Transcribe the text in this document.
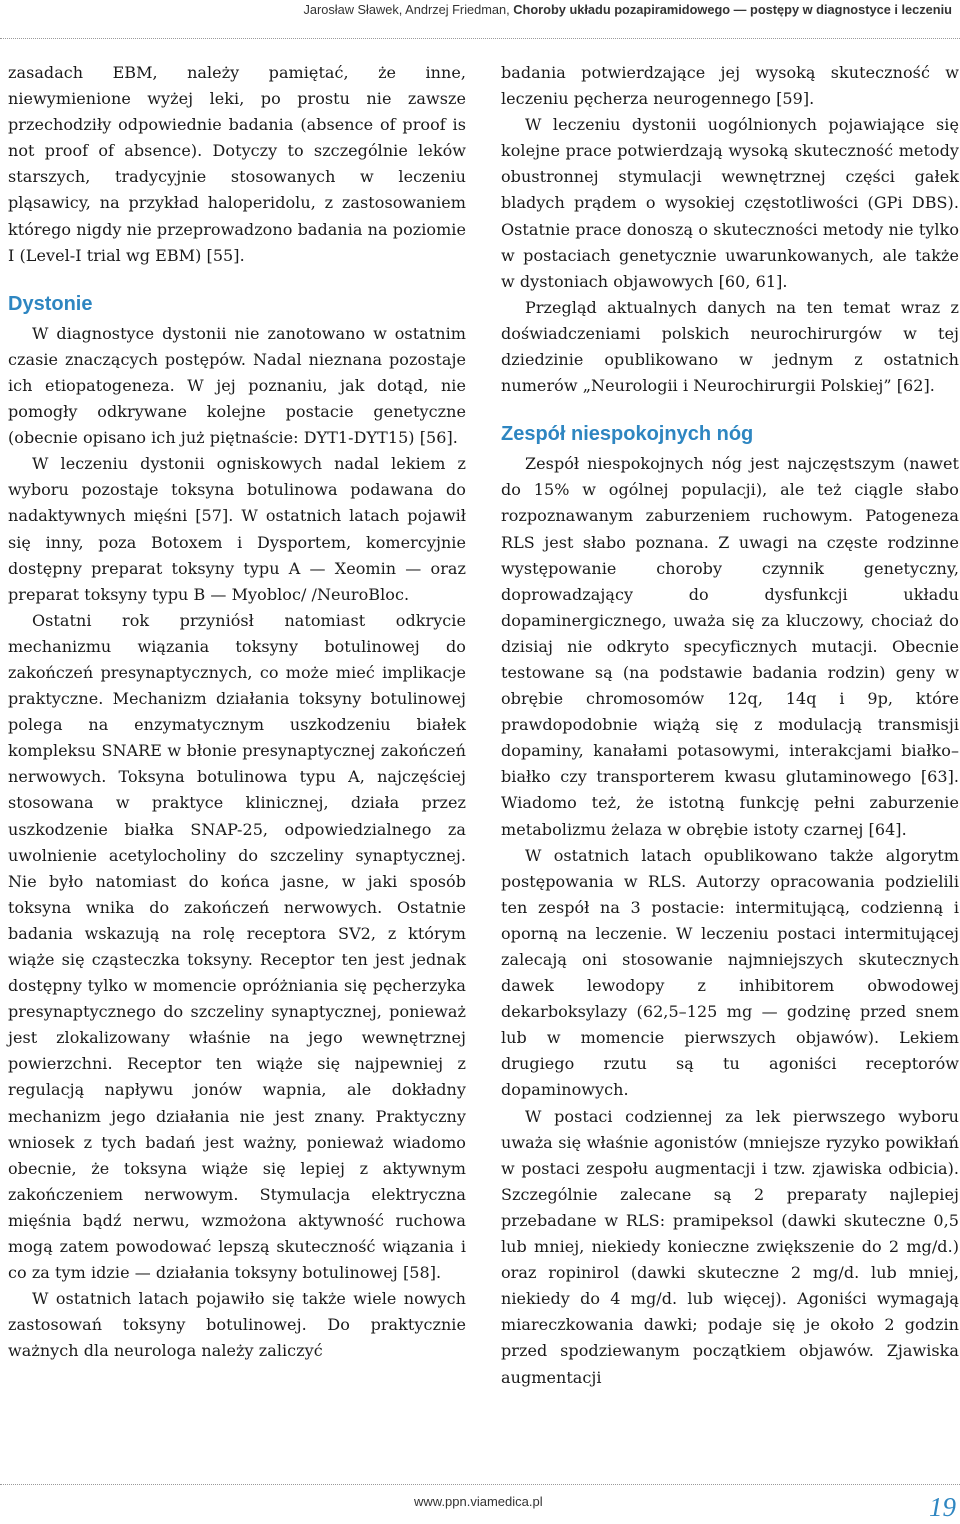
Jarosław Sławek, Andrzej Friedman, Choroby układu pozapiramidowego — postępy w diagnostyce i leczeniu

zasadach EBM, należy pamiętać, że inne, niewymienione wyżej leki, po prostu nie zawsze przechodziły odpowiednie badania (absence of proof is not proof of absence). Dotyczy to szczególnie leków starszych, tradycyjnie stosowanych w leczeniu pląsawicy, na przykład haloperidolu, z zastosowaniem którego nigdy nie przeprowadzono badania na poziomie I (Level-I trial wg EBM) [55].

Dystonie

W diagnostyce dystonii nie zanotowano w ostatnim czasie znaczących postępów. Nadal nieznana pozostaje ich etiopatogeneza. W jej poznaniu, jak dotąd, nie pomogły odkrywane kolejne postacie genetyczne (obecnie opisano ich już piętnaście: DYT1-DYT15) [56].

W leczeniu dystonii ogniskowych nadal lekiem z wyboru pozostaje toksyna botulinowa podawana do nadaktywnych mięśni [57]. W ostatnich latach pojawił się inny, poza Botoxem i Dysportem, komercyjnie dostępny preparat toksyny typu A — Xeomin — oraz preparat toksyny typu B — Myobloc/ /NeuroBloc.

Ostatni rok przyniósł natomiast odkrycie mechanizmu wiązania toksyny botulinowej do zakończeń presynaptycznych, co może mieć implikacje praktyczne. Mechanizm działania toksyny botulinowej polega na enzymatycznym uszkodzeniu białek kompleksu SNARE w błonie presynaptycznej zakończeń nerwowych. Toksyna botulinowa typu A, najczęściej stosowana w praktyce klinicznej, działa przez uszkodzenie białka SNAP-25, odpowiedzialnego za uwolnienie acetylocholiny do szczeliny synaptycznej. Nie było natomiast do końca jasne, w jaki sposób toksyna wnika do zakończeń nerwowych. Ostatnie badania wskazują na rolę receptora SV2, z którym wiąże się cząsteczka toksyny. Receptor ten jest jednak dostępny tylko w momencie opróżniania się pęcherzyka presynaptycznego do szczeliny synaptycznej, ponieważ jest zlokalizowany właśnie na jego wewnętrznej powierzchni. Receptor ten wiąże się najpewniej z regulacją napływu jonów wapnia, ale dokładny mechanizm jego działania nie jest znany. Praktyczny wniosek z tych badań jest ważny, ponieważ wiadomo obecnie, że toksyna wiąże się lepiej z aktywnym zakończeniem nerwowym. Stymulacja elektryczna mięśnia bądź nerwu, wzmożona aktywność ruchowa mogą zatem powodować lepszą skuteczność wiązania i co za tym idzie — działania toksyny botulinowej [58].

W ostatnich latach pojawiło się także wiele nowych zastosowań toksyny botulinowej. Do praktycznie ważnych dla neurologa należy zaliczyć

badania potwierdzające jej wysoką skuteczność w leczeniu pęcherza neurogennego [59].

W leczeniu dystonii uogólnionych pojawiające się kolejne prace potwierdzają wysoką skuteczność metody obustronnej stymulacji wewnętrznej części gałek bladych prądem o wysokiej częstotliwości (GPi DBS). Ostatnie prace donoszą o skuteczności metody nie tylko w postaciach genetycznie uwarunkowanych, ale także w dystoniach objawowych [60, 61].

Przegląd aktualnych danych na ten temat wraz z doświadczeniami polskich neurochirurgów w tej dziedzinie opublikowano w jednym z ostatnich numerów „Neurologii i Neurochirurgii Polskiej” [62].

Zespół niespokojnych nóg

Zespół niespokojnych nóg jest najczęstszym (nawet do 15% w ogólnej populacji), ale też ciągle słabo rozpoznawanym zaburzeniem ruchowym. Patogeneza RLS jest słabo poznana. Z uwagi na częste rodzinne występowanie choroby czynnik genetyczny, doprowadzający do dysfunkcji układu dopaminergicznego, uważa się za kluczowy, chociaż do dzisiaj nie odkryto specyficznych mutacji. Obecnie testowane są (na podstawie badania rodzin) geny w obrębie chromosomów 12q, 14q i 9p, które prawdopodobnie wiążą się z modulacją transmisji dopaminy, kanałami potasowymi, interakcjami białko–białko czy transporterem kwasu glutaminowego [63]. Wiadomo też, że istotną funkcję pełni zaburzenie metabolizmu żelaza w obrębie istoty czarnej [64].

W ostatnich latach opublikowano także algorytm postępowania w RLS. Autorzy opracowania podzielili ten zespół na 3 postacie: intermitującą, codzienną i oporną na leczenie. W leczeniu postaci intermitującej zalecają oni stosowanie najmniejszych skutecznych dawek lewodopy z inhibitorem obwodowej dekarboksylazy (62,5–125 mg — godzinę przed snem lub w momencie pierwszych objawów). Lekiem drugiego rzutu są tu agoniści receptorów dopaminowych.

W postaci codziennej za lek pierwszego wyboru uważa się właśnie agonistów (mniejsze ryzyko powikłań w postaci zespołu augmentacji i tzw. zjawiska odbicia). Szczególnie zalecane są 2 preparaty najlepiej przebadane w RLS: pramipeksol (dawki skuteczne 0,5 lub mniej, niekiedy konieczne zwiększenie do 2 mg/d.) oraz ropinirol (dawki skuteczne 2 mg/d. lub mniej, niekiedy do 4 mg/d. lub więcej). Agoniści wymagają miareczkowania dawki; podaje się je około 2 godzin przed spodziewanym początkiem objawów. Zjawiska augmentacji

www.ppn.viamedica.pl	19
